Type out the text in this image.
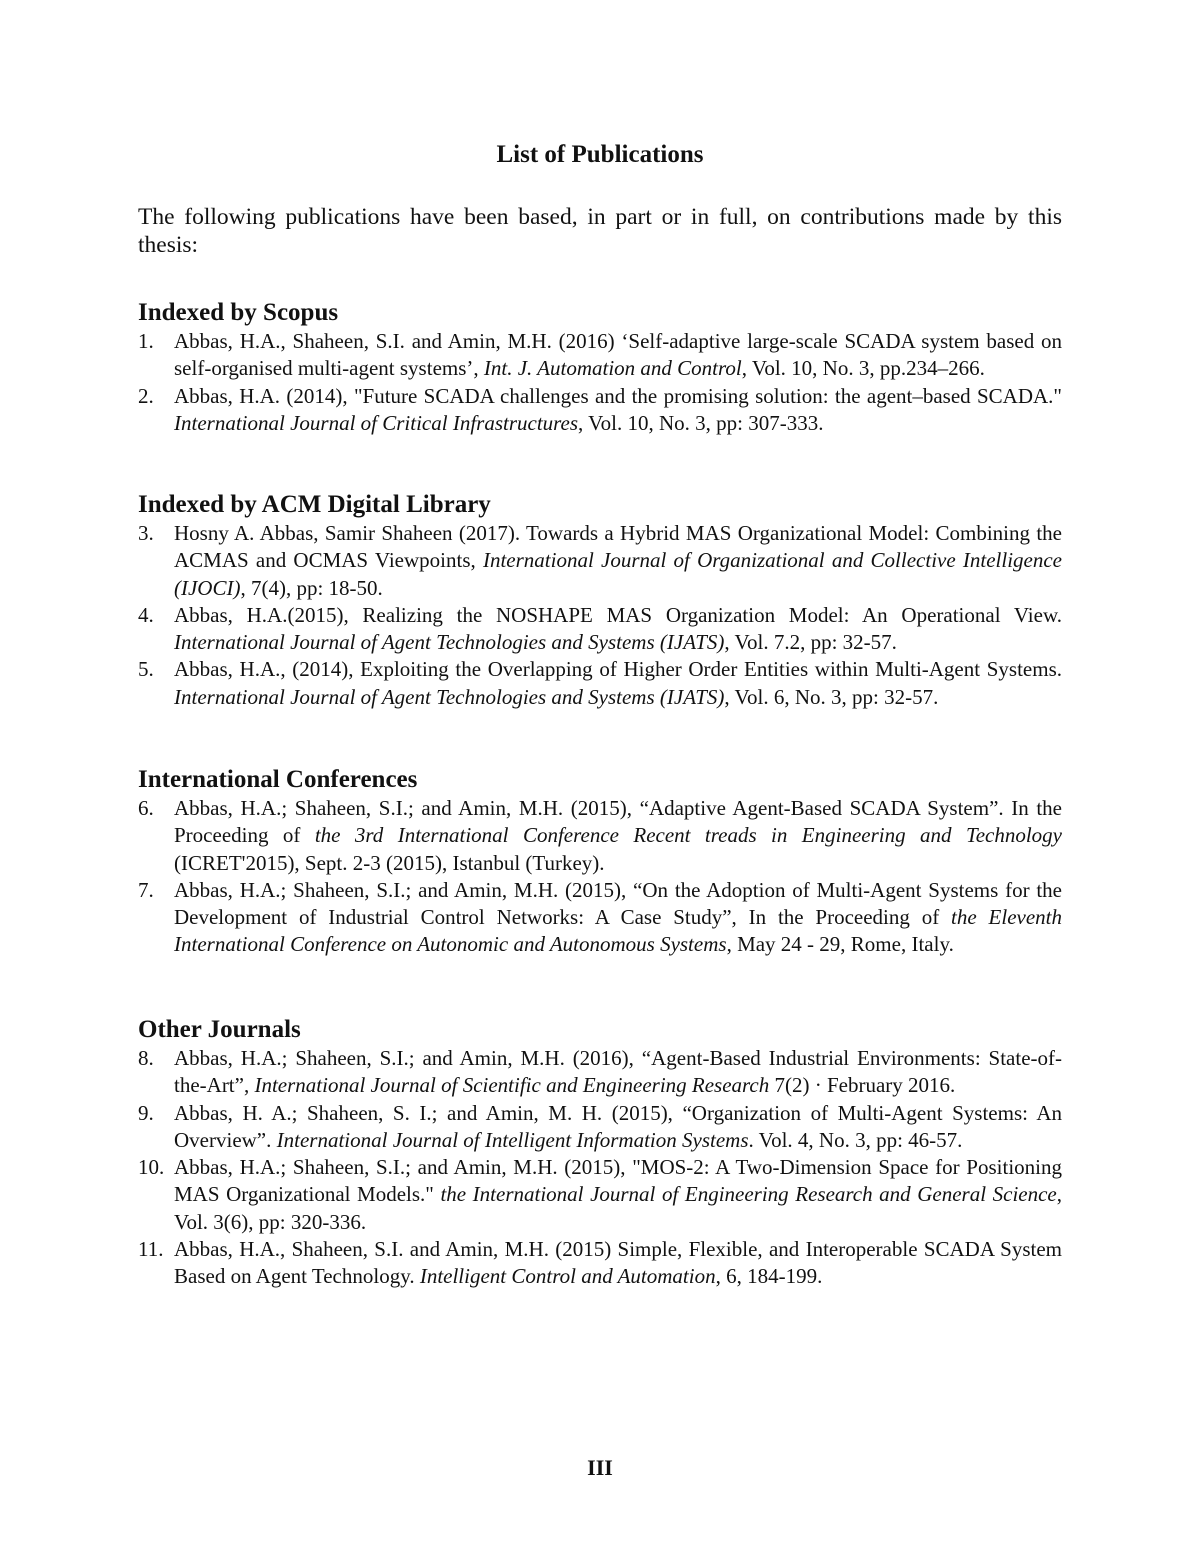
List of Publications

The following publications have been based, in part or in full, on contributions made by this thesis:

Indexed by Scopus
1. Abbas, H.A., Shaheen, S.I. and Amin, M.H. (2016) ‘Self-adaptive large-scale SCADA system based on self-organised multi-agent systems’, Int. J. Automation and Control, Vol. 10, No. 3, pp.234–266.
2. Abbas, H.A. (2014), "Future SCADA challenges and the promising solution: the agent–based SCADA." International Journal of Critical Infrastructures, Vol. 10, No. 3, pp: 307-333.
Indexed by ACM Digital Library
3. Hosny A. Abbas, Samir Shaheen (2017). Towards a Hybrid MAS Organizational Model: Combining the ACMAS and OCMAS Viewpoints, International Journal of Organizational and Collective Intelligence (IJOCI), 7(4), pp: 18-50.
4. Abbas, H.A.(2015), Realizing the NOSHAPE MAS Organization Model: An Operational View. International Journal of Agent Technologies and Systems (IJATS), Vol. 7.2, pp: 32-57.
5. Abbas, H.A., (2014), Exploiting the Overlapping of Higher Order Entities within Multi-Agent Systems. International Journal of Agent Technologies and Systems (IJATS), Vol. 6, No. 3, pp: 32-57.
International Conferences
6. Abbas, H.A.; Shaheen, S.I.; and Amin, M.H. (2015), “Adaptive Agent-Based SCADA System”. In the Proceeding of the 3rd International Conference Recent treads in Engineering and Technology (ICRET'2015), Sept. 2-3 (2015), Istanbul (Turkey).
7. Abbas, H.A.; Shaheen, S.I.; and Amin, M.H. (2015), “On the Adoption of Multi-Agent Systems for the Development of Industrial Control Networks: A Case Study”, In the Proceeding of the Eleventh International Conference on Autonomic and Autonomous Systems, May 24 - 29, Rome, Italy.
Other Journals
8. Abbas, H.A.; Shaheen, S.I.; and Amin, M.H. (2016), “Agent-Based Industrial Environments: State-of-the-Art”, International Journal of Scientific and Engineering Research 7(2) · February 2016.
9. Abbas, H. A.; Shaheen, S. I.; and Amin, M. H. (2015), “Organization of Multi-Agent Systems: An Overview”. International Journal of Intelligent Information Systems. Vol. 4, No. 3, pp: 46-57.
10. Abbas, H.A.; Shaheen, S.I.; and Amin, M.H. (2015), "MOS-2: A Two-Dimension Space for Positioning MAS Organizational Models." the International Journal of Engineering Research and General Science, Vol. 3(6), pp: 320-336.
11. Abbas, H.A., Shaheen, S.I. and Amin, M.H. (2015) Simple, Flexible, and Interoperable SCADA System Based on Agent Technology. Intelligent Control and Automation, 6, 184-199.

III
